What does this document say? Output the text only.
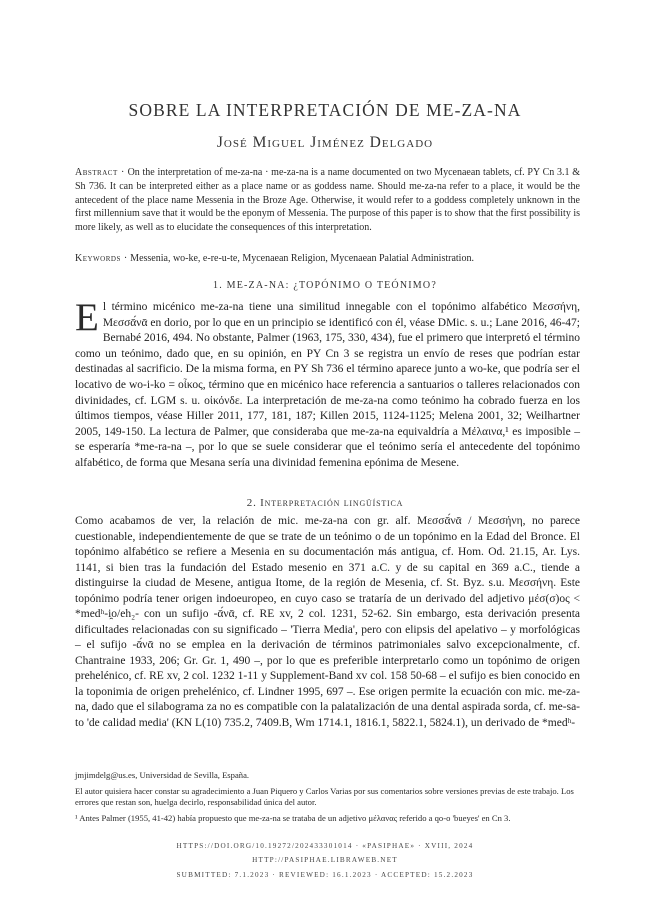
SOBRE LA INTERPRETACIÓN DE ME-ZA-NA
José Miguel Jiménez Delgado
Abstract · On the interpretation of me-za-na · me-za-na is a name documented on two Mycenaean tablets, cf. PY Cn 3.1 & Sh 736. It can be interpreted either as a place name or as goddess name. Should me-za-na refer to a place, it would be the antecedent of the place name Messenia in the Broze Age. Otherwise, it would refer to a goddess completely unknown in the first millennium save that it would be the eponym of Messenia. The purpose of this paper is to show that the first possibility is more likely, as well as to elucidate the consequences of this interpretation.
Keywords · Messenia, wo-ke, e-re-u-te, Mycenaean Religion, Mycenaean Palatial Administration.
1. ME-ZA-NA: ¿TOPÓNIMO O TEÓNIMO?
El término micénico me-za-na tiene una similitud innegable con el topónimo alfabético Μεσσήνη, Μεσσᾱ́νᾱ en dorio, por lo que en un principio se identificó con él, véase DMic. s. u.; Lane 2016, 46-47; Bernabé 2016, 494. No obstante, Palmer (1963, 175, 330, 434), fue el primero que interpretó el término como un teónimo, dado que, en su opinión, en PY Cn 3 se registra un envío de reses que podrían estar destinadas al sacrificio. De la misma forma, en PY Sh 736 el término aparece junto a wo-ke, que podría ser el locativo de wo-i-ko = οἶκος, término que en micénico hace referencia a santuarios o talleres relacionados con divinidades, cf. LGM s. u. οἰκόνδε. La interpretación de me-za-na como teónimo ha cobrado fuerza en los últimos tiempos, véase Hiller 2011, 177, 181, 187; Killen 2015, 1124-1125; Melena 2001, 32; Weilhartner 2005, 149-150. La lectura de Palmer, que consideraba que me-za-na equivaldría a Μέλαινα,¹ es imposible – se esperaría *me-ra-na –, por lo que se suele considerar que el teónimo sería el antecedente del topónimo alfabético, de forma que Mesana sería una divinidad femenina epónima de Mesene.
2. Interpretación lingüística
Como acabamos de ver, la relación de mic. me-za-na con gr. alf. Μεσσᾱ́νᾱ / Μεσσήνη, no parece cuestionable, independientemente de que se trate de un teónimo o de un topónimo en la Edad del Bronce. El topónimo alfabético se refiere a Mesenia en su documentación más antigua, cf. Hom. Od. 21.15, Ar. Lys. 1141, si bien tras la fundación del Estado mesenio en 371 a.C. y de su capital en 369 a.C., tiende a distinguirse la ciudad de Mesene, antigua Itome, de la región de Mesenia, cf. St. Byz. s.u. Μεσσήνη. Este topónimo podría tener origen indoeuropeo, en cuyo caso se trataría de un derivado del adjetivo μέσ(σ)ος < *medʰ-i̯o/eh₂- con un sufijo -ᾱ́νᾱ, cf. RE xv, 2 col. 1231, 52-62. Sin embargo, esta derivación presenta dificultades relacionadas con su significado – 'Tierra Media', pero con elipsis del apelativo – y morfológicas – el sufijo -ᾱ́νᾱ no se emplea en la derivación de términos patrimoniales salvo excepcionalmente, cf. Chantraine 1933, 206; Gr. Gr. 1, 490 –, por lo que es preferible interpretarlo como un topónimo de origen prehelénico, cf. RE xv, 2 col. 1232 1-11 y Supplement-Band xv col. 158 50-68 – el sufijo es bien conocido en la toponimia de origen prehelénico, cf. Lindner 1995, 697 –. Ese origen permite la ecuación con mic. me-za-na, dado que el silabograma za no es compatible con la palatalización de una dental aspirada sorda, cf. me-sa-to 'de calidad media' (KN L(10) 735.2, 7409.B, Wm 1714.1, 1816.1, 5822.1, 5824.1), un derivado de *medʰ-

jmjimdelg@us.es, Universidad de Sevilla, España.

El autor quisiera hacer constar su agradecimiento a Juan Piquero y Carlos Varias por sus comentarios sobre versiones previas de este trabajo. Los errores que restan son, huelga decirlo, responsabilidad única del autor.

¹ Antes Palmer (1955, 41-42) había propuesto que me-za-na se trataba de un adjetivo μέλανας referido a qo-o 'bueyes' en Cn 3.

HTTPS://DOI.ORG/10.19272/202433301014 · «PASIPHAE» · XVIII, 2024
HTTP://PASIPHAE.LIBRAWEB.NET
SUBMITTED: 7.1.2023 · REVIEWED: 16.1.2023 · ACCEPTED: 15.2.2023
